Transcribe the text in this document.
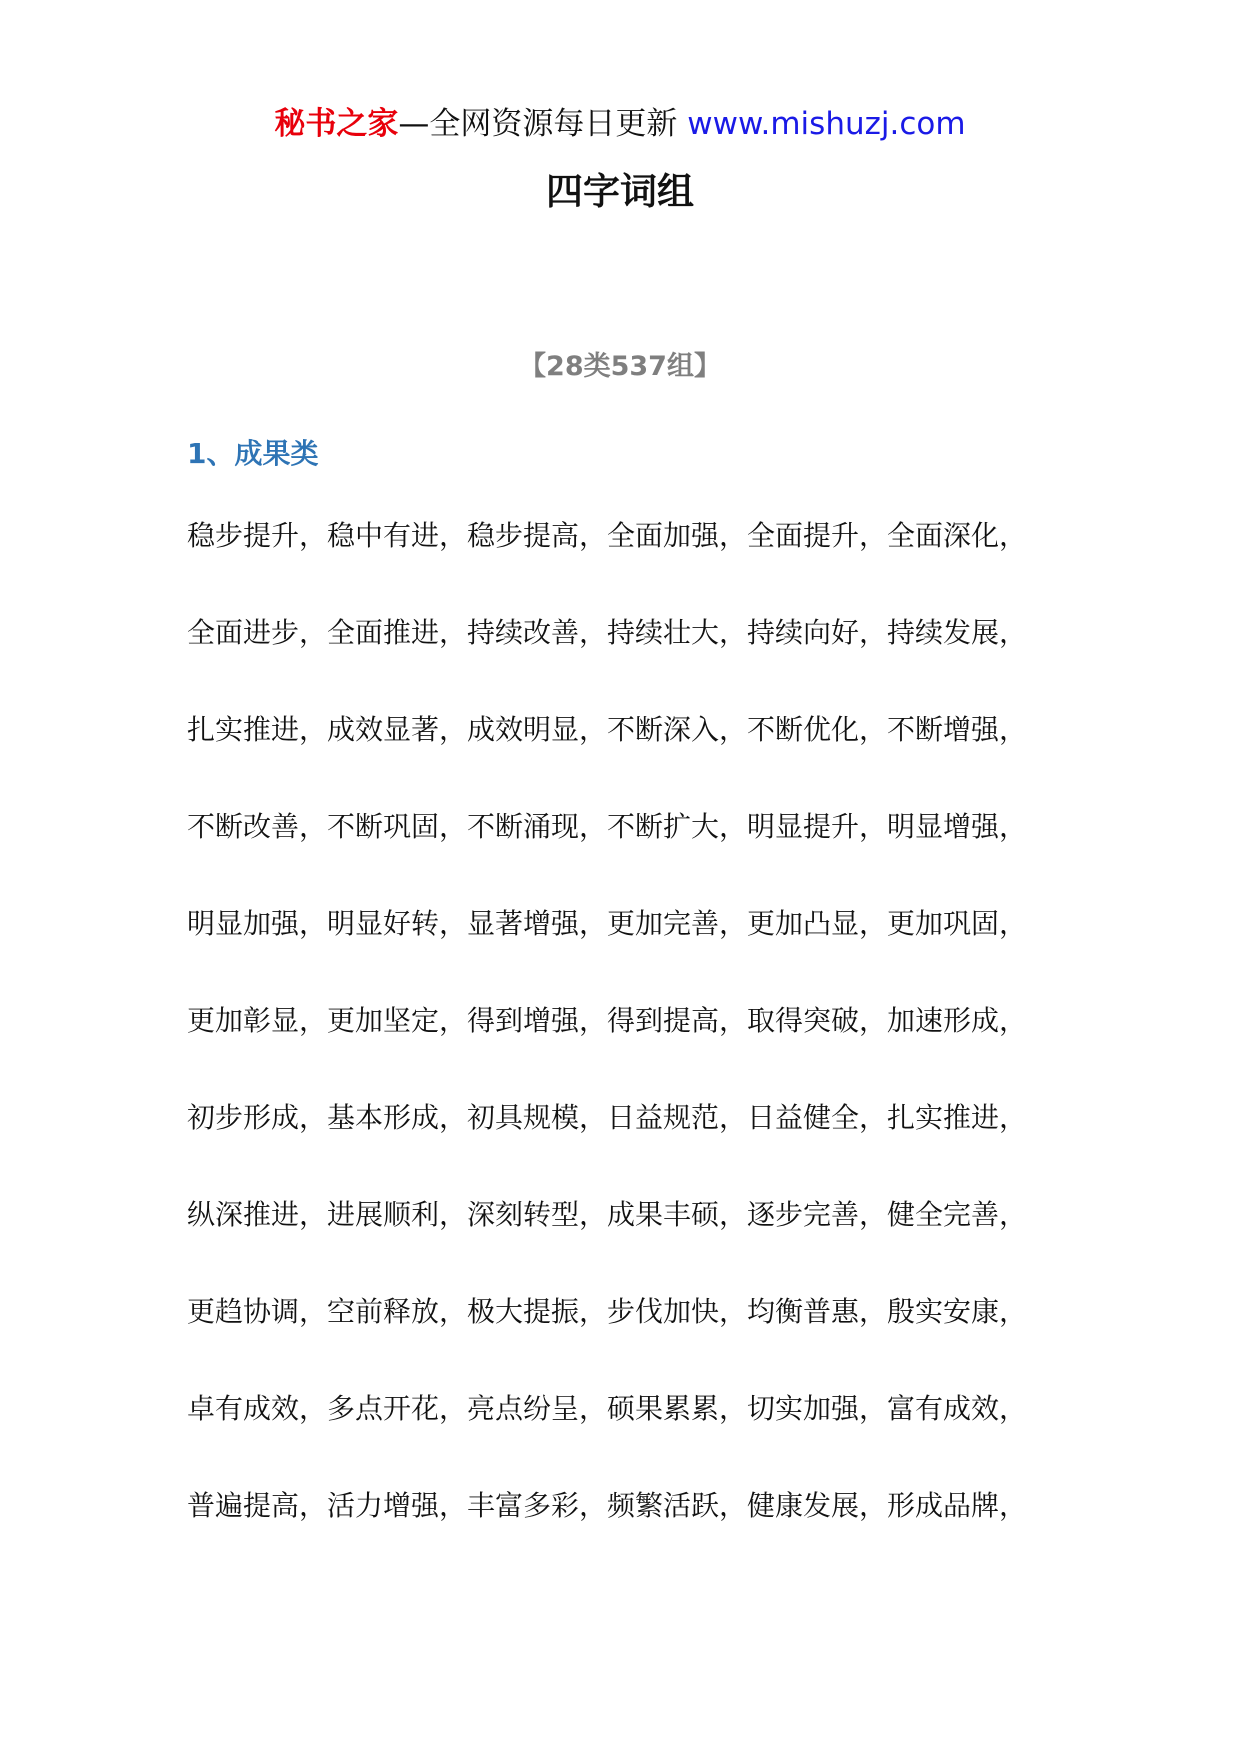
秘书之家—全网资源每日更新 www.mishuzj.com
四字词组
【28类537组】
1、成果类
稳步提升，稳中有进，稳步提高，全面加强，全面提升，全面深化，
全面进步，全面推进，持续改善，持续壮大，持续向好，持续发展，
扎实推进，成效显著，成效明显，不断深入，不断优化，不断增强，
不断改善，不断巩固，不断涌现，不断扩大，明显提升，明显增强，
明显加强，明显好转，显著增强，更加完善，更加凸显，更加巩固，
更加彰显，更加坚定，得到增强，得到提高，取得突破，加速形成，
初步形成，基本形成，初具规模，日益规范，日益健全，扎实推进，
纵深推进，进展顺利，深刻转型，成果丰硕，逐步完善，健全完善，
更趋协调，空前释放，极大提振，步伐加快，均衡普惠，殷实安康，
卓有成效，多点开花，亮点纷呈，硕果累累，切实加强，富有成效，
普遍提高，活力增强，丰富多彩，频繁活跃，健康发展，形成品牌，
